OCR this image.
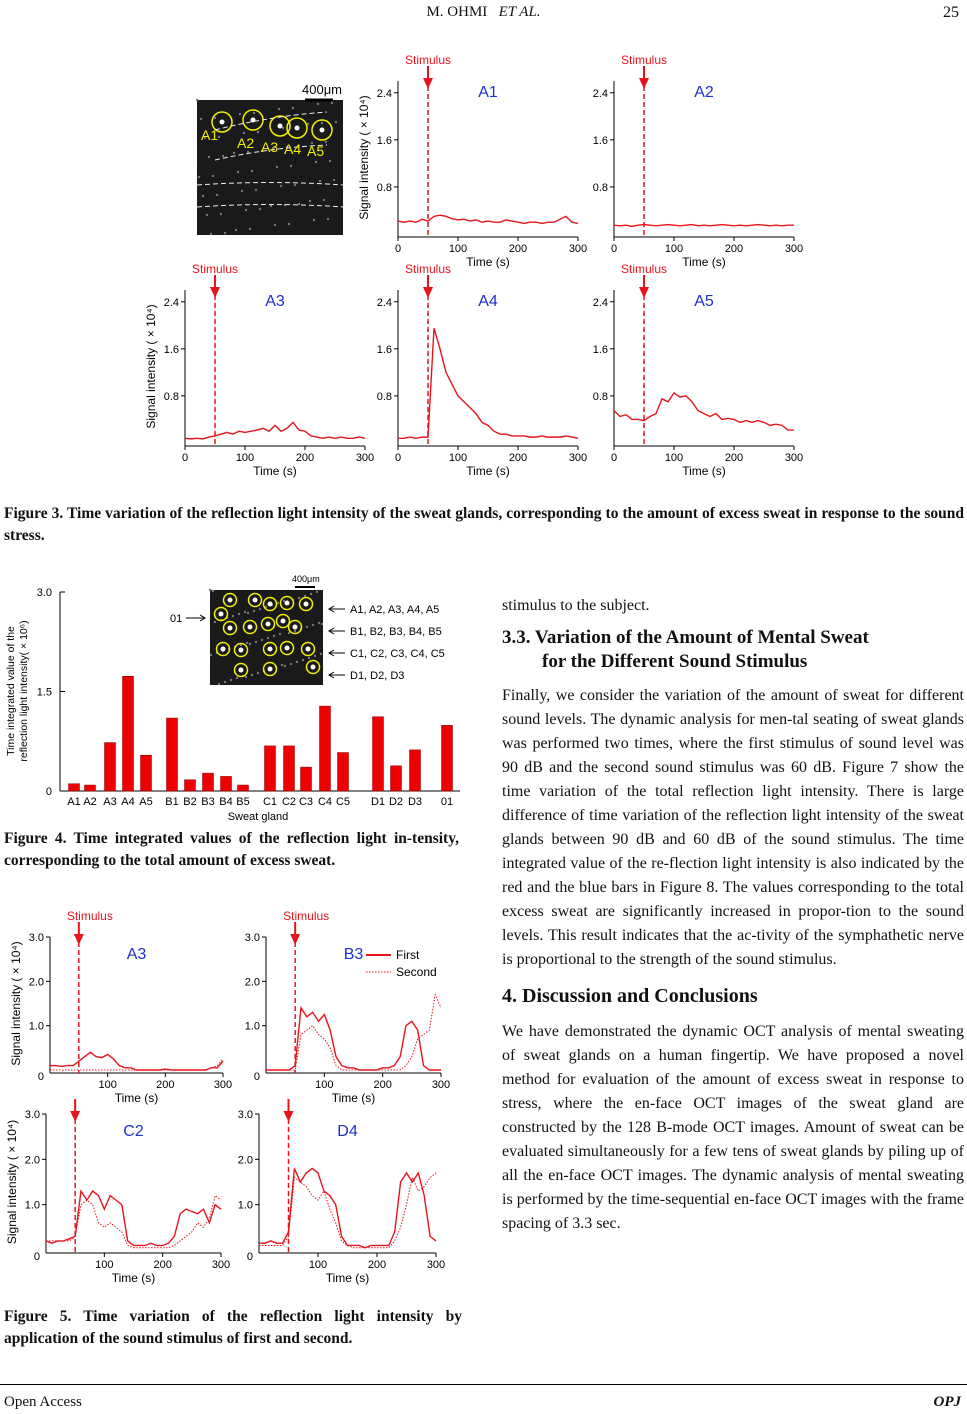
M. OHMI ET AL.	25
0.8
1.6
2.4
0	100	200	300
Time (s)
Signal intensity ( × 10⁴)
Stimulus
A1
0.8
1.6
2.4
0	100	200	300
Time (s)
Stimulus
A2
0.8
1.6
2.4
0	100	200	300
Time (s)
Signal intensity ( × 10⁴)
Stimulus
A3
0.8
1.6
2.4
0	100	200	300
Time (s)
Stimulus
A4
0.8
1.6
2.4
0	100	200	300
Time (s)
Stimulus
A5
0
1.0
2.0
3.0
100	200	300
Time (s)
Signal intensity ( × 10⁴)
Stimulus
A3
0
1.0
2.0
3.0
100	200	300
Time (s)
Stimulus
B3	First
Second
0
1.0
2.0
3.0
100	200	300
Time (s)
Signal intensity ( × 10⁴)	C2
0
1.0
2.0
3.0
100	200	300
Time (s)
D4
A1 A2 A3 A4 A5
400μm
0
1.5
3.0
A1 A2 A3 A4 A5 B1 B2 B3 B4 B5 C1 C2 C3 C4 C5 D1 D2 D3 01
Sweat gland
Time integrated value of the reflection light intensity( × 10⁶)
400μm
01
A1, A2, A3, A4, A5
B1, B2, B3, B4, B5
C1, C2, C3, C4, C5
D1, D2, D3
Figure 3. Time variation of the reflection light intensity of the sweat glands, corresponding to the amount of excess sweat in response to the sound stress.
Figure 4. Time integrated values of the reflection light in-tensity, corresponding to the total amount of excess sweat.
Figure 5. Time variation of the reflection light intensity by application of the sound stimulus of first and second.
stimulus to the subject.
3.3. Variation of the Amount of Mental Sweat
for the Different Sound Stimulus
Finally, we consider the variation of the amount of sweat for different sound levels. The dynamic analysis for men-tal seating of sweat glands was performed two times, where the first stimulus of sound level was 90 dB and the second sound stimulus was 60 dB. Figure 7 show the time variation of the total reflection light intensity. There is large difference of time variation of the reflection light intensity of the sweat glands between 90 dB and 60 dB of the sound stimulus. The time integrated value of the re-flection light intensity is also indicated by the red and the blue bars in Figure 8. The values corresponding to the total excess sweat are significantly increased in propor-tion to the sound levels. This result indicates that the ac-tivity of the symphathetic nerve is proportional to the strength of the sound stimulus.
4. Discussion and Conclusions
We have demonstrated the dynamic OCT analysis of mental sweating of sweat glands on a human fingertip. We have proposed a novel method for evaluation of the amount of excess sweat in response to stress, where the en-face OCT images of the sweat gland are constructed by the 128 B-mode OCT images. Amount of sweat can be evaluated simultaneously for a few tens of sweat glands by piling up of all the en-face OCT images. The dynamic analysis of mental sweating is performed by the time-sequential en-face OCT images with the frame spacing of 3.3 sec.
Open Access	OPJ
